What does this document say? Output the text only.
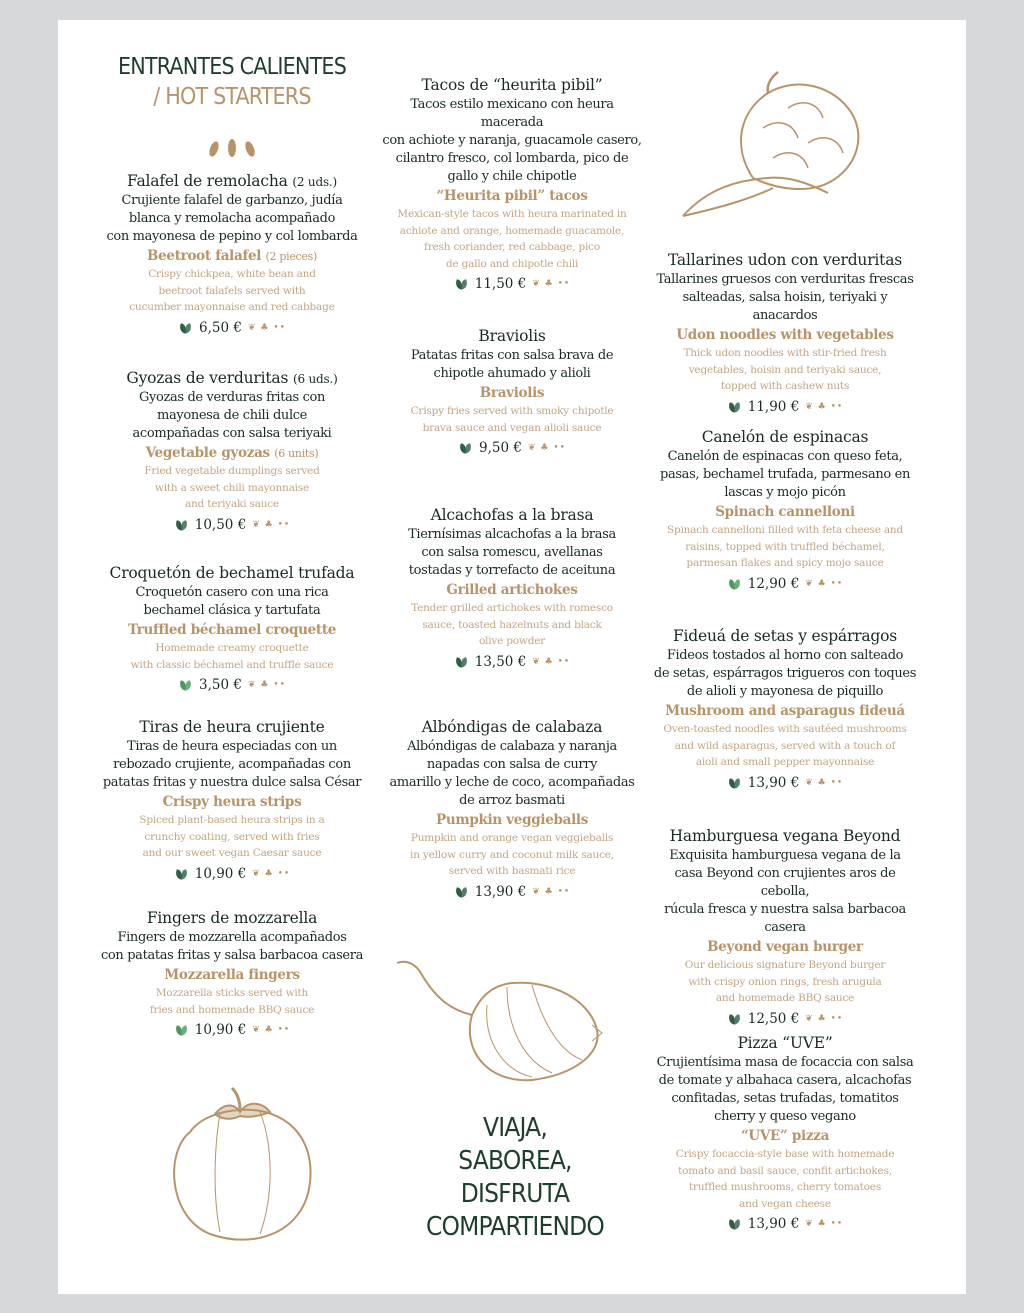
ENTRANTES CALIENTES
/ HOT STARTERS
Falafel de remolacha (2 uds.)
Crujiente falafel de garbanzo, judía
blanca y remolacha acompañado
con mayonesa de pepino y col lombarda
Beetroot falafel (2 pieces)
Crispy chickpea, white bean and
beetroot falafels served with
cucumber mayonnaise and red cabbage
6,50 € ❦ ♣ ••
Gyozas de verduritas (6 uds.)
Gyozas de verduras fritas con
mayonesa de chili dulce
acompañadas con salsa teriyaki
Vegetable gyozas (6 units)
Fried vegetable dumplings served
with a sweet chili mayonnaise
and teriyaki sauce
10,50 € ❦ ♣ ••
Croquetón de bechamel trufada
Croquetón casero con una rica
bechamel clásica y tartufata
Truffled béchamel croquette
Homemade creamy croquette
with classic béchamel and truffle sauce
3,50 € ❦ ♣ ••
Tiras de heura crujiente
Tiras de heura especiadas con un
rebozado crujiente, acompañadas con
patatas fritas y nuestra dulce salsa César
Crispy heura strips
Spiced plant-based heura strips in a
crunchy coating, served with fries
and our sweet vegan Caesar sauce
10,90 € ❦ ♣ ••
Fingers de mozzarella
Fingers de mozzarella acompañados
con patatas fritas y salsa barbacoa casera
Mozzarella fingers
Mozzarella sticks served with
fries and homemade BBQ sauce
10,90 € ❦ ♣ ••
Tacos de “heurita pibil”
Tacos estilo mexicano con heura macerada
con achiote y naranja, guacamole casero,
cilantro fresco, col lombarda, pico de
gallo y chile chipotle
“Heurita pibil” tacos
Mexican-style tacos with heura marinated in
achiote and orange, homemade guacamole,
fresh coriander, red cabbage, pico
de gallo and chipotle chili
11,50 € ❦ ♣ ••
Braviolis
Patatas fritas con salsa brava de
chipotle ahumado y alioli
Braviolis
Crispy fries served with smoky chipotle
brava sauce and vegan alioli sauce
9,50 € ❦ ♣ ••
Alcachofas a la brasa
Tiernísimas alcachofas a la brasa
con salsa romescu, avellanas
tostadas y torrefacto de aceituna
Grilled artichokes
Tender grilled artichokes with romesco
sauce, toasted hazelnuts and black
olive powder
13,50 € ❦ ♣ ••
Albóndigas de calabaza
Albóndigas de calabaza y naranja
napadas con salsa de curry
amarillo y leche de coco, acompañadas
de arroz basmati
Pumpkin veggieballs
Pumpkin and orange vegan veggieballs
in yellow curry and coconut milk sauce,
served with basmati rice
13,90 € ❦ ♣ ••
VIAJA,
SABOREA,
DISFRUTA
COMPARTIENDO
Tallarines udon con verduritas
Tallarines gruesos con verduritas frescas
salteadas, salsa hoisin, teriyaki y anacardos
Udon noodles with vegetables
Thick udon noodles with stir-fried fresh
vegetables, hoisin and teriyaki sauce,
topped with cashew nuts
11,90 € ❦ ♣ ••
Canelón de espinacas
Canelón de espinacas con queso feta,
pasas, bechamel trufada, parmesano en
lascas y mojo picón
Spinach cannelloni
Spinach cannelloni filled with feta cheese and
raisins, topped with truffled béchamel,
parmesan flakes and spicy mojo sauce
12,90 € ❦ ♣ ••
Fideuá de setas y espárragos
Fideos tostados al horno con salteado
de setas, espárragos trigueros con toques
de alioli y mayonesa de piquillo
Mushroom and asparagus fideuá
Oven-toasted noodles with sautéed mushrooms
and wild asparagus, served with a touch of
aioli and small pepper mayonnaise
13,90 € ❦ ♣ ••
Hamburguesa vegana Beyond
Exquisita hamburguesa vegana de la
casa Beyond con crujientes aros de cebolla,
rúcula fresca y nuestra salsa barbacoa casera
Beyond vegan burger
Our delicious signature Beyond burger
with crispy onion rings, fresh arugula
and homemade BBQ sauce
12,50 € ❦ ♣ ••
Pizza “UVE”
Crujientísima masa de focaccia con salsa
de tomate y albahaca casera, alcachofas
confitadas, setas trufadas, tomatitos
cherry y queso vegano
“UVE” pizza
Crispy focaccia-style base with homemade
tomato and basil sauce, confit artichokes,
truffled mushrooms, cherry tomatoes
and vegan cheese
13,90 € ❦ ♣ ••
